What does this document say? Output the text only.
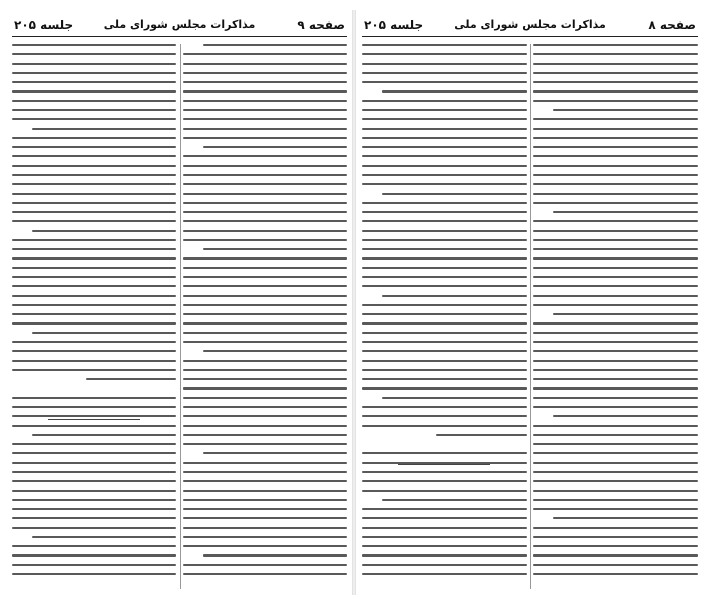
صفحه ۹
مذاکرات مجلس شورای ملی
جلسه ۲۰۵	صفحه ۸
مذاکرات مجلس شورای ملی
جلسه ۲۰۵
